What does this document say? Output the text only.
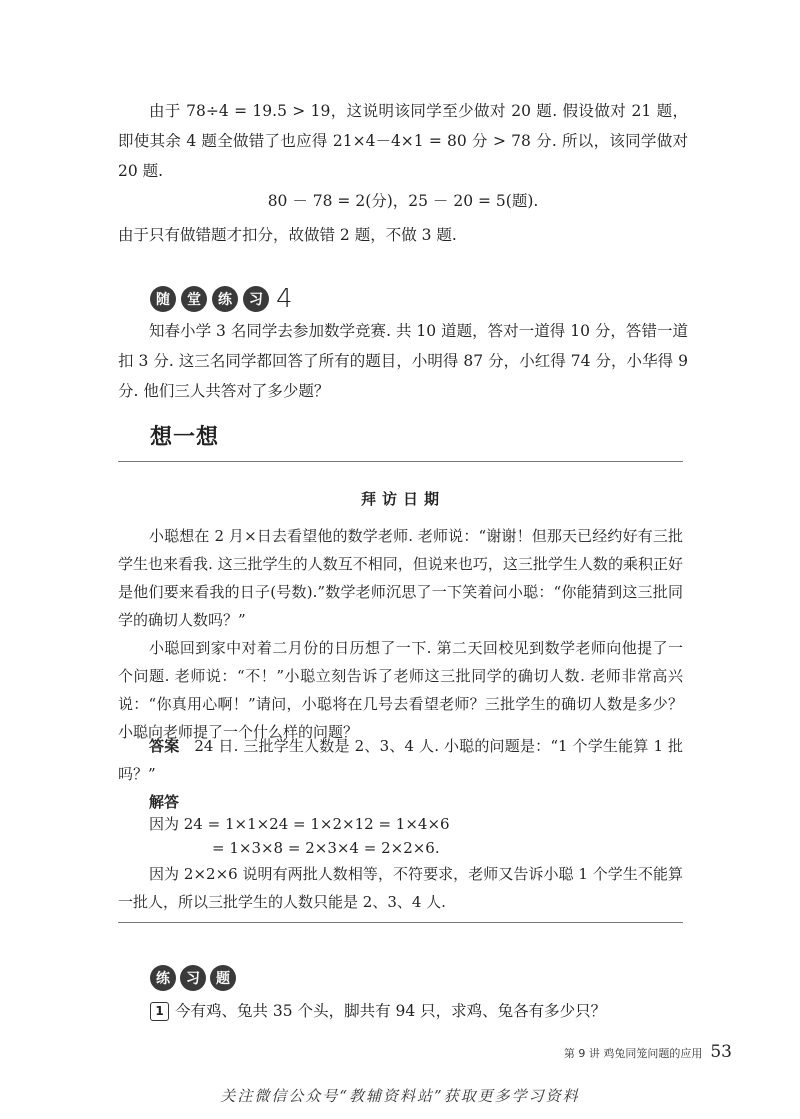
由于 78÷4 = 19.5 > 19，这说明该同学至少做对 20 题. 假设做对 21 题，即使其余 4 题全做错了也应得 21×4－4×1 = 80 分 > 78 分. 所以，该同学做对 20 题.

80 － 78 = 2(分)，25 － 20 = 5(题).

由于只有做错题才扣分，故做错 2 题，不做 3 题.

随	堂	练	习 4

知春小学 3 名同学去参加数学竞赛. 共 10 道题，答对一道得 10 分，答错一道扣 3 分. 这三名同学都回答了所有的题目，小明得 87 分，小红得 74 分，小华得 9 分. 他们三人共答对了多少题？

想一想
拜访日期

小聪想在 2 月×日去看望他的数学老师. 老师说：“谢谢！但那天已经约好有三批学生也来看我. 这三批学生的人数互不相同，但说来也巧，这三批学生人数的乘积正好是他们要来看我的日子(号数).”数学老师沉思了一下笑着问小聪：“你能猜到这三批同学的确切人数吗？”

小聪回到家中对着二月份的日历想了一下. 第二天回校见到数学老师向他提了一个问题. 老师说：“不！”小聪立刻告诉了老师这三批同学的确切人数. 老师非常高兴说：“你真用心啊！”请问，小聪将在几号去看望老师？三批学生的确切人数是多少？小聪向老师提了一个什么样的问题？

答案 24 日. 三批学生人数是 2、3、4 人. 小聪的问题是：“1 个学生能算 1 批吗？”

解答
因为 24 = 1×1×24 = 1×2×12 = 1×4×6
= 1×3×8 = 2×3×4 = 2×2×6.

因为 2×2×6 说明有两批人数相等，不符要求，老师又告诉小聪 1 个学生不能算一批人，所以三批学生的人数只能是 2、3、4 人.

练	习	题
1 今有鸡、兔共 35 个头，脚共有 94 只，求鸡、兔各有多少只？
第 9 讲 鸡兔同笼问题的应用 53
关注微信公众号“教辅资料站”获取更多学习资料
